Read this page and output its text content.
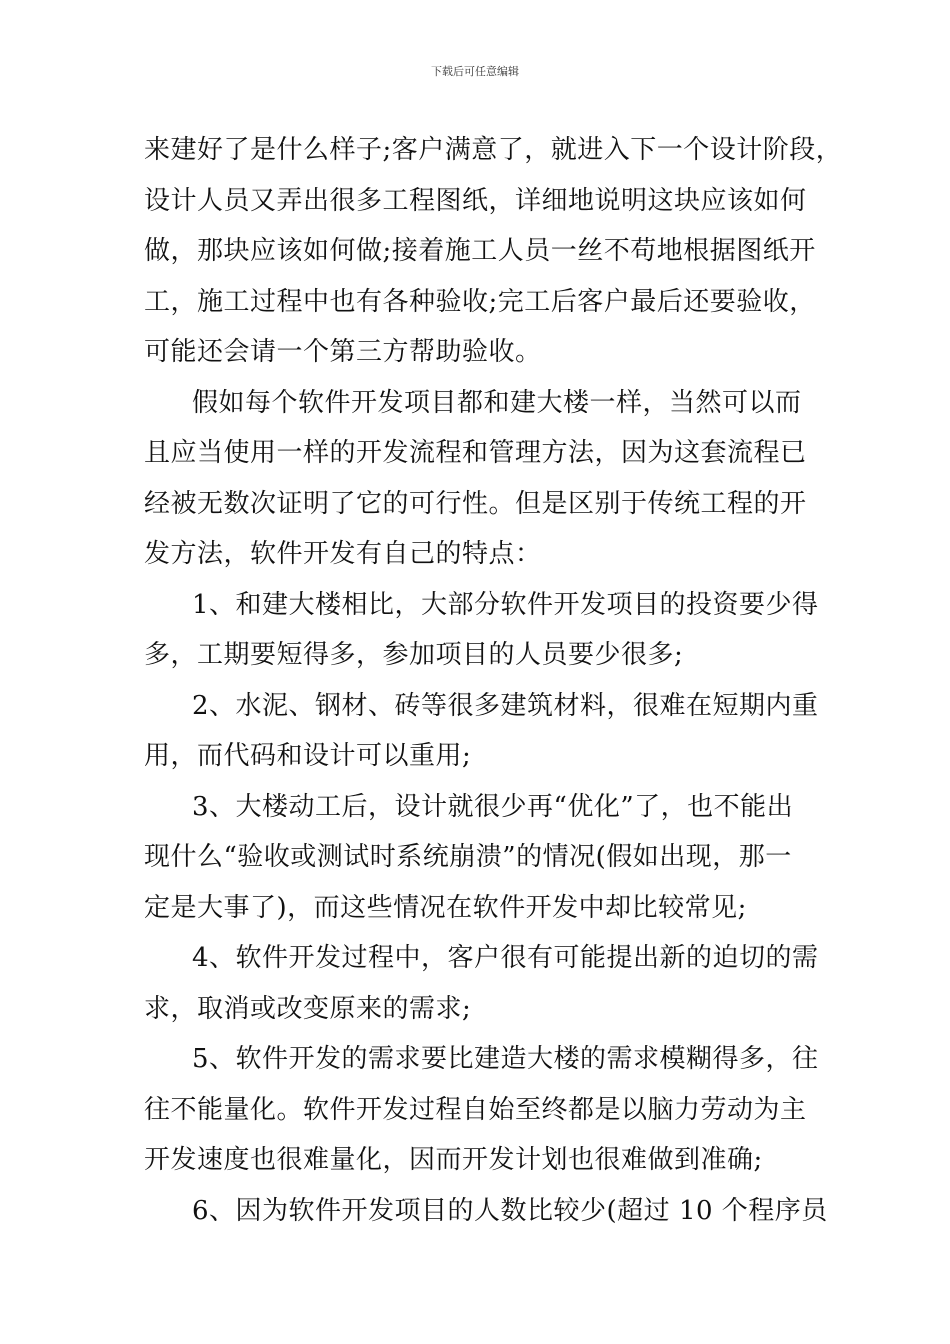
下载后可任意编辑
来建好了是什么样子;客户满意了，就进入下一个设计阶段，
设计人员又弄出很多工程图纸，详细地说明这块应该如何
做，那块应该如何做;接着施工人员一丝不苟地根据图纸开
工，施工过程中也有各种验收;完工后客户最后还要验收，
可能还会请一个第三方帮助验收。
假如每个软件开发项目都和建大楼一样，当然可以而
且应当使用一样的开发流程和管理方法，因为这套流程已
经被无数次证明了它的可行性。但是区别于传统工程的开
发方法，软件开发有自己的特点：
1、和建大楼相比，大部分软件开发项目的投资要少得
多，工期要短得多，参加项目的人员要少很多;
2、水泥、钢材、砖等很多建筑材料，很难在短期内重
用，而代码和设计可以重用;
3、大楼动工后，设计就很少再“优化”了，也不能出
现什么“验收或测试时系统崩溃”的情况(假如出现，那一
定是大事了)，而这些情况在软件开发中却比较常见;
4、软件开发过程中，客户很有可能提出新的迫切的需
求，取消或改变原来的需求;
5、软件开发的需求要比建造大楼的需求模糊得多，往
往不能量化。软件开发过程自始至终都是以脑力劳动为主
开发速度也很难量化，因而开发计划也很难做到准确;
6、因为软件开发项目的人数比较少(超过 10 个程序员
